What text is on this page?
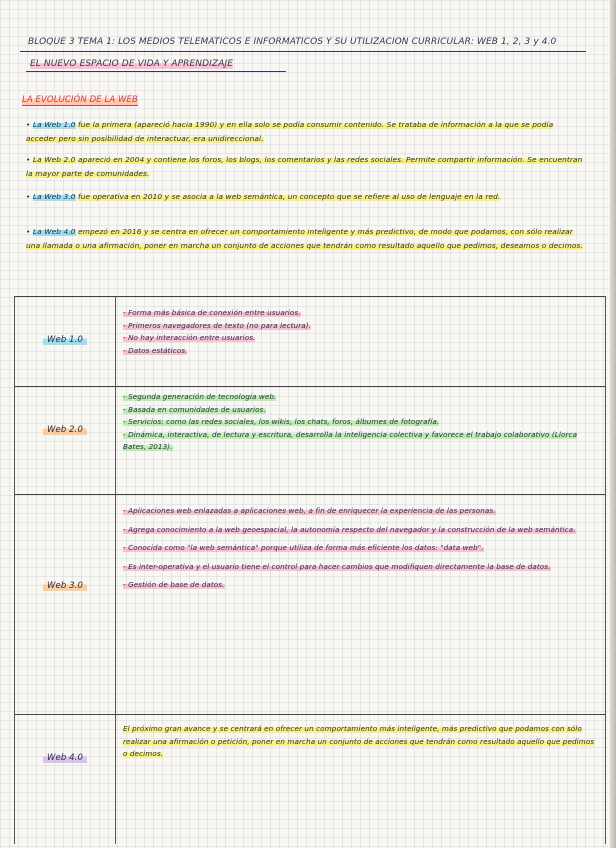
BLOQUE 3 TEMA 1: LOS MEDIOS TELEMÁTICOS E INFORMÁTICOS Y SU UTILIZACIÓN CURRICULAR: WEB 1, 2, 3 y 4.0
EL NUEVO ESPACIO DE VIDA Y APRENDIZAJE
LA EVOLUCIÓN DE LA WEB
• La Web 1.0 fue la primera (apareció hacia 1990) y en ella solo se podía consumir contenido. Se trataba de información a la que se podía acceder pero sin posibilidad de interactuar, era unidireccional.
• La Web 2.0 apareció en 2004 y contiene los foros, los blogs, los comentarios y las redes sociales. Permite compartir información. Se encuentran la mayor parte de comunidades.
• La Web 3.0 fue operativa en 2010 y se asocia a la web semántica, un concepto que se refiere al uso de lenguaje en la red.
• La Web 4.0 empezó en 2016 y se centra en ofrecer un comportamiento inteligente y más predictivo, de modo que podamos, con sólo realizar una llamada o una afirmación, poner en marcha un conjunto de acciones que tendrán como resultado aquello que pedimos, deseamos o decimos.
Web 1.0
- Forma más básica de conexión entre usuarios.
- Primeros navegadores de texto (no para lectura).
- No hay interacción entre usuarios.
- Datos estáticos.
Web 2.0
- Segunda generación de tecnología web.
- Basada en comunidades de usuarios.
- Servicios: como las redes sociales, los wikis, los chats, foros, álbumes de fotografía.
- Dinámica, interactiva, de lectura y escritura, desarrolla la inteligencia colectiva y favorece el trabajo colaborativo (Llorca Bates, 2013).
Web 3.0
- Aplicaciones web enlazadas a aplicaciones web, a fin de enriquecer la experiencia de las personas.
- Agrega conocimiento a la web geoespacial, la autonomía respecto del navegador y la construcción de la web semántica.
- Conocida como "la web semántica" porque utiliza de forma más eficiente los datos: "data web".
- Es inter-operativa y el usuario tiene el control para hacer cambios que modifiquen directamente la base de datos.
- Gestión de base de datos.
Web 4.0
El próximo gran avance y se centrará en ofrecer un comportamiento más inteligente, más predictivo que podamos con sólo realizar una afirmación o petición, poner en marcha un conjunto de acciones que tendrán como resultado aquello que pedimos o decimos.
